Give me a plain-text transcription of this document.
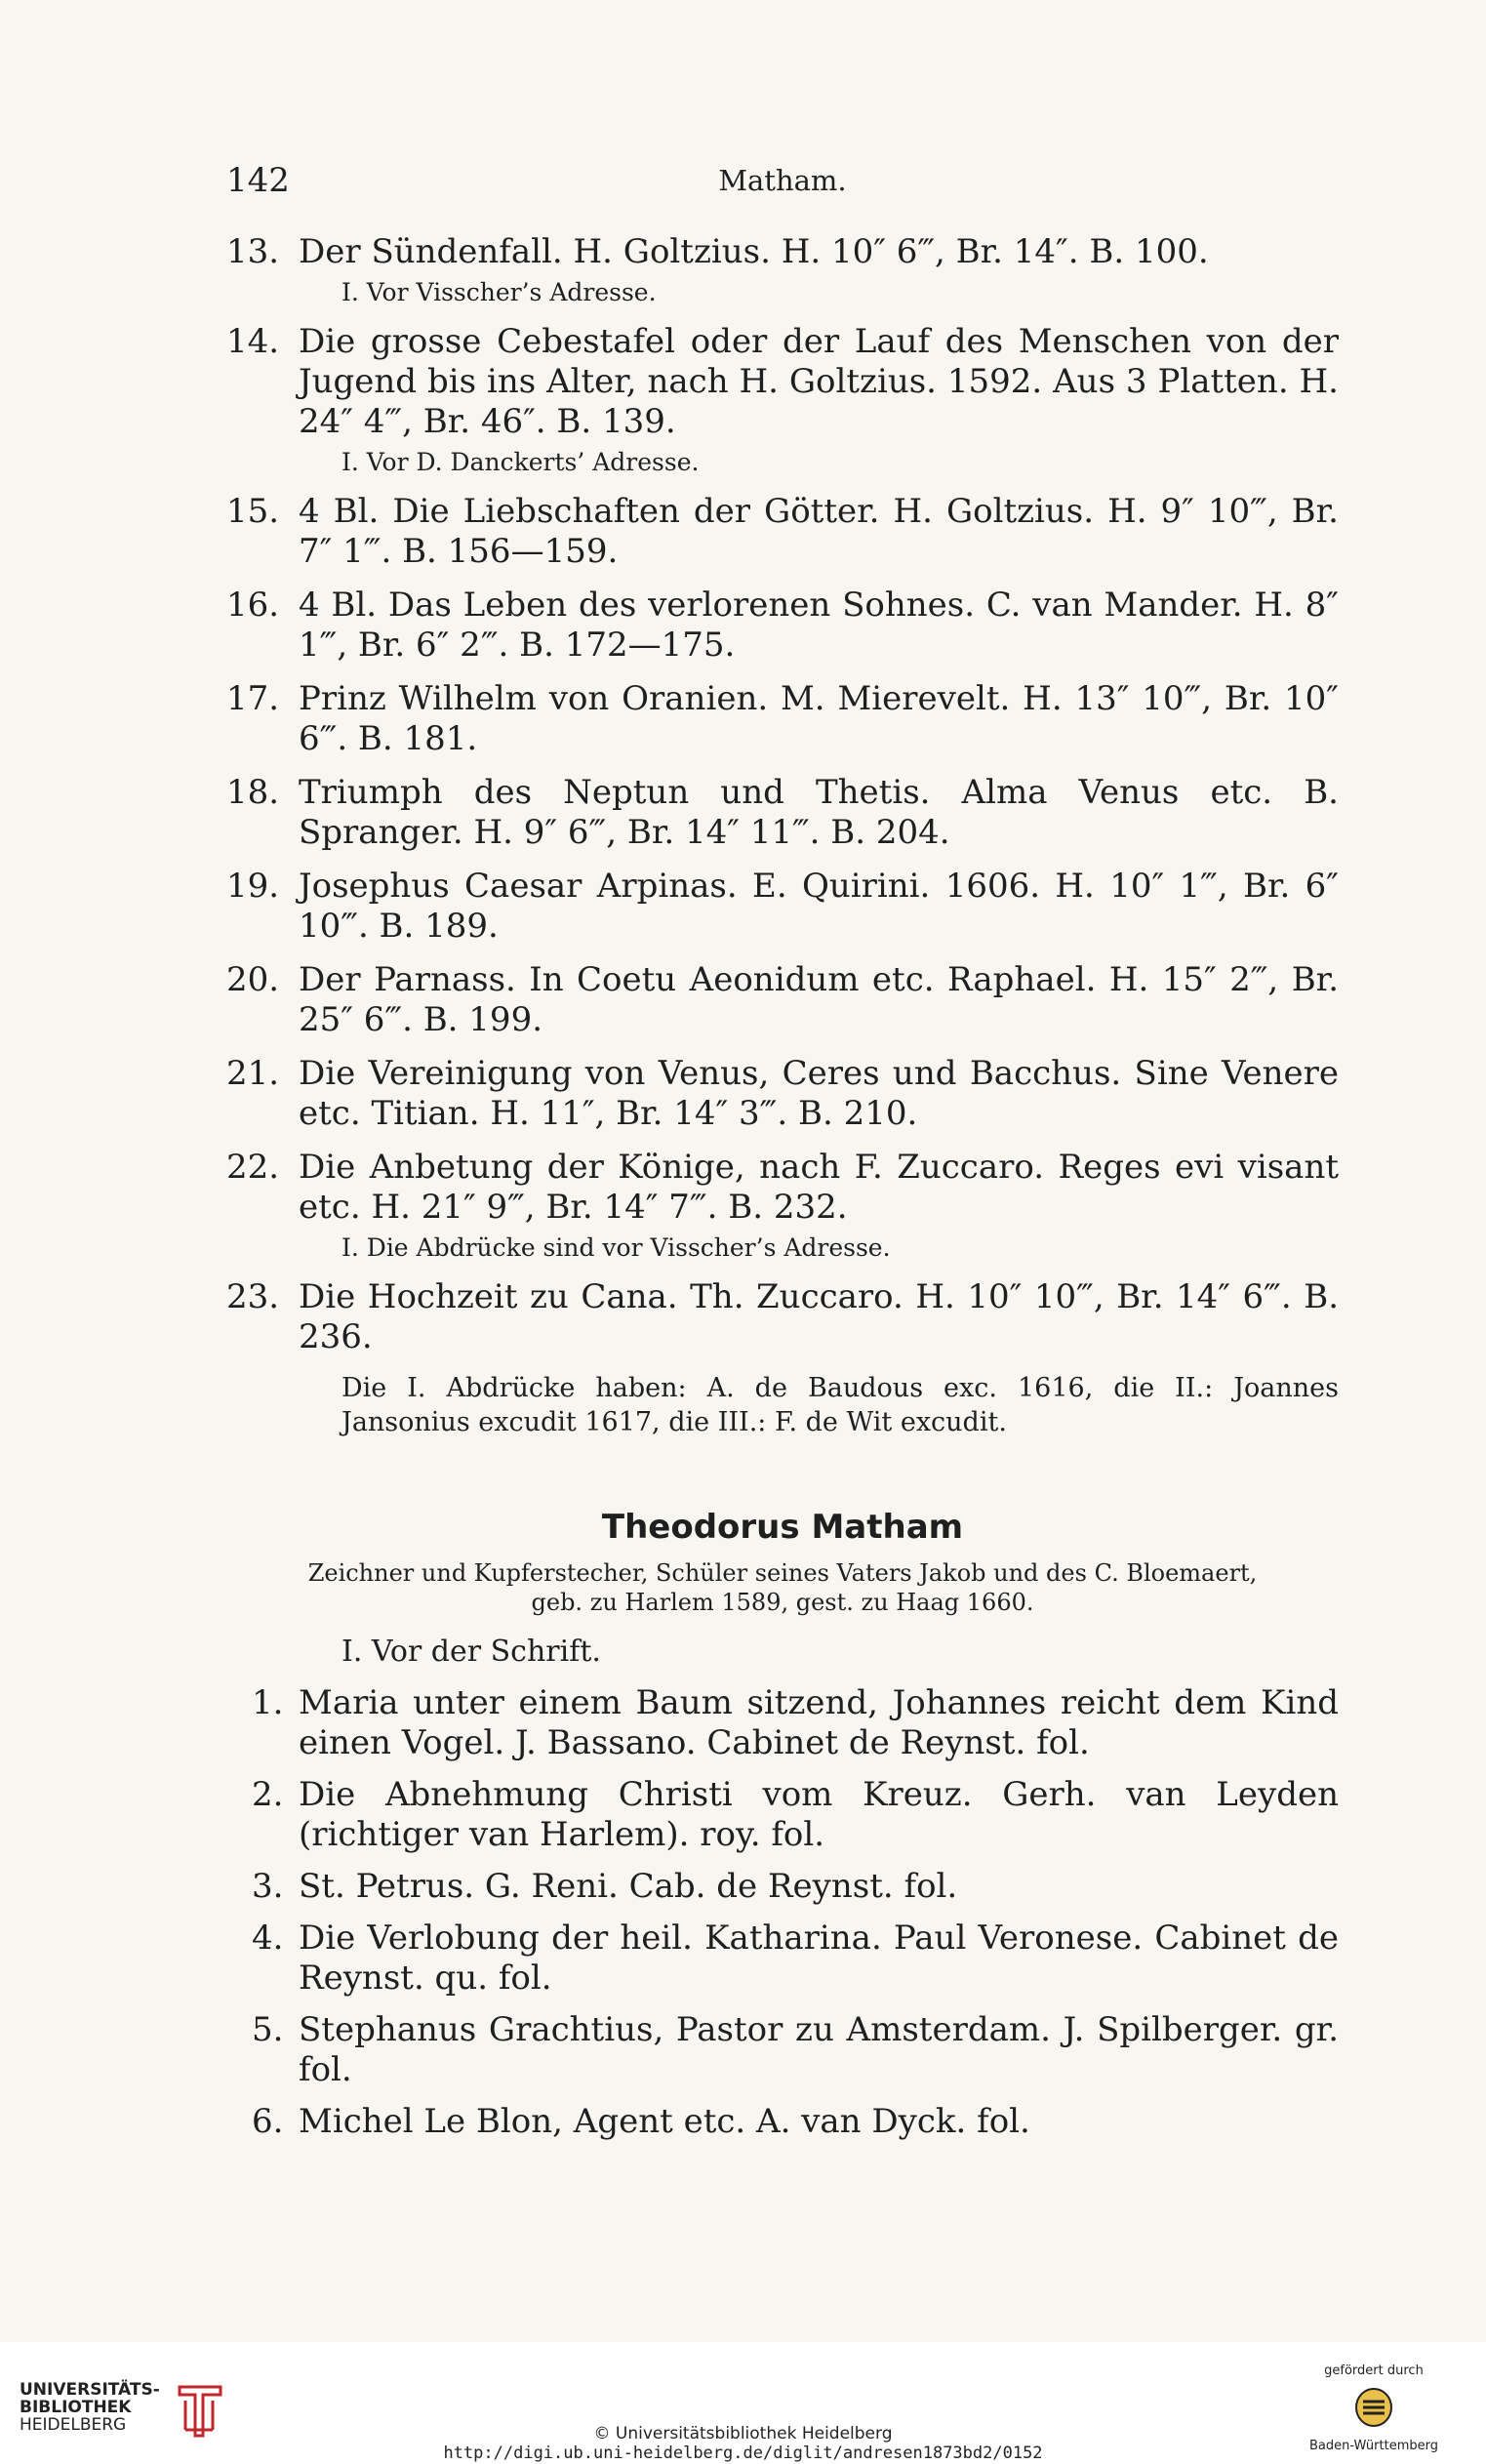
142	Matham.
13. Der Sündenfall. H. Goltzius. H. 10″ 6‴, Br. 14″. B. 100.
I. Vor Visscher’s Adresse.
14. Die grosse Cebestafel oder der Lauf des Menschen von der Jugend bis ins Alter, nach H. Goltzius. 1592. Aus 3 Platten. H. 24″ 4‴, Br. 46″. B. 139.
I. Vor D. Danckerts’ Adresse.
15. 4 Bl. Die Liebschaften der Götter. H. Goltzius. H. 9″ 10‴, Br. 7″ 1‴. B. 156—159.
16. 4 Bl. Das Leben des verlorenen Sohnes. C. van Mander. H. 8″ 1‴, Br. 6″ 2‴. B. 172—175.
17. Prinz Wilhelm von Oranien. M. Mierevelt. H. 13″ 10‴, Br. 10″ 6‴. B. 181.
18. Triumph des Neptun und Thetis. Alma Venus etc. B. Spranger. H. 9″ 6‴, Br. 14″ 11‴. B. 204.
19. Josephus Caesar Arpinas. E. Quirini. 1606. H. 10″ 1‴, Br. 6″ 10‴. B. 189.
20. Der Parnass. In Coetu Aeonidum etc. Raphael. H. 15″ 2‴, Br. 25″ 6‴. B. 199.
21. Die Vereinigung von Venus, Ceres und Bacchus. Sine Venere etc. Titian. H. 11″, Br. 14″ 3‴. B. 210.
22. Die Anbetung der Könige, nach F. Zuccaro. Reges evi visant etc. H. 21″ 9‴, Br. 14″ 7‴. B. 232.
I. Die Abdrücke sind vor Visscher’s Adresse.
23. Die Hochzeit zu Cana. Th. Zuccaro. H. 10″ 10‴, Br. 14″ 6‴. B. 236.
Die I. Abdrücke haben: A. de Baudous exc. 1616, die II.: Joannes Jansonius excudit 1617, die III.: F. de Wit excudit.
Theodorus Matham
Zeichner und Kupferstecher, Schüler seines Vaters Jakob und des C. Bloemaert,
geb. zu Harlem 1589, gest. zu Haag 1660.
I. Vor der Schrift.
1. Maria unter einem Baum sitzend, Johannes reicht dem Kind einen Vogel. J. Bassano. Cabinet de Reynst. fol.
2. Die Abnehmung Christi vom Kreuz. Gerh. van Leyden (richtiger van Harlem). roy. fol.
3. St. Petrus. G. Reni. Cab. de Reynst. fol.
4. Die Verlobung der heil. Katharina. Paul Veronese. Cabinet de Reynst. qu. fol.
5. Stephanus Grachtius, Pastor zu Amsterdam. J. Spilberger. gr. fol.
6. Michel Le Blon, Agent etc. A. van Dyck. fol.
UNIVERSITÄTS-
BIBLIOTHEK
HEIDELBERG	© Universitätsbibliothek Heidelberg
http://digi.ub.uni-heidelberg.de/diglit/andresen1873bd2/0152
gefördert durch
Baden-Württemberg
